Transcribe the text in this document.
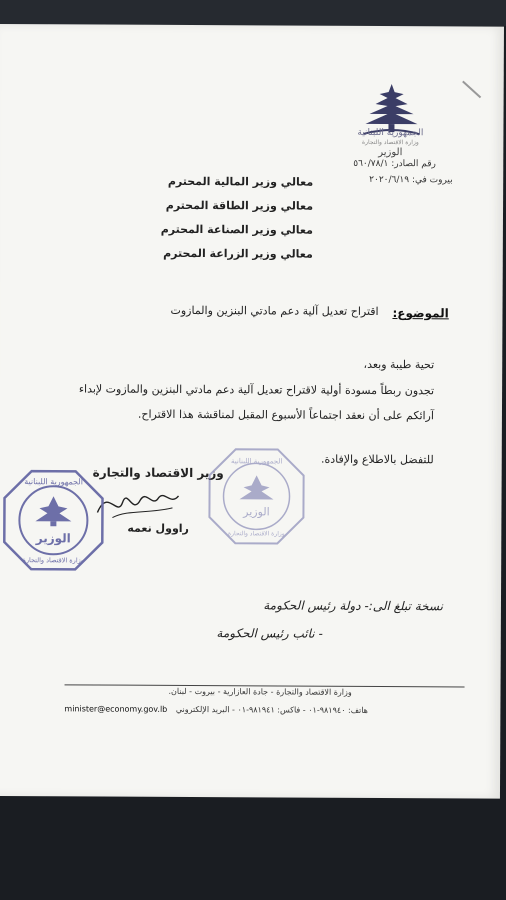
الجمهورية اللبنانية
وزارة الاقتصاد والتجارة
الوزير
رقم الصادر: ٥٦٠/٧٨/١
بيروت في: ٢٠٢٠/٦/١٩
معالي وزير المالية المحترم
معالي وزير الطاقة المحترم
معالي وزير الصناعة المحترم
معالي وزير الزراعة المحترم
الموضوع:
اقتراح تعديل آلية دعم مادتي البنزين والمازوت
تحية طيبة وبعد،
تجدون ربطاً مسودة أولية لاقتراح تعديل آلية دعم مادتي البنزين والمازوت لإبداء
آرائكم على أن نعقد اجتماعاً الأسبوع المقبل لمناقشة هذا الاقتراح.
للتفضل بالاطلاع والإفادة.
وزير الاقتصاد والتجارة
راوول نعمه
الوزير
الجمهورية اللبنانية
وزارة الاقتصاد والتجارة
الوزير
الجمهورية اللبنانية
وزارة الاقتصاد والتجارة
نسخة تبلغ الى:- دولة رئيس الحكومة
- نائب رئيس الحكومة
وزارة الاقتصاد والتجارة - جادة العازارية - بيروت - لبنان.
minister@economy.gov.lb هاتف: ٩٨١٩٤٠-٠١ - فاكس: ٩٨١٩٤١-٠١ - البريد الإلكتروني
